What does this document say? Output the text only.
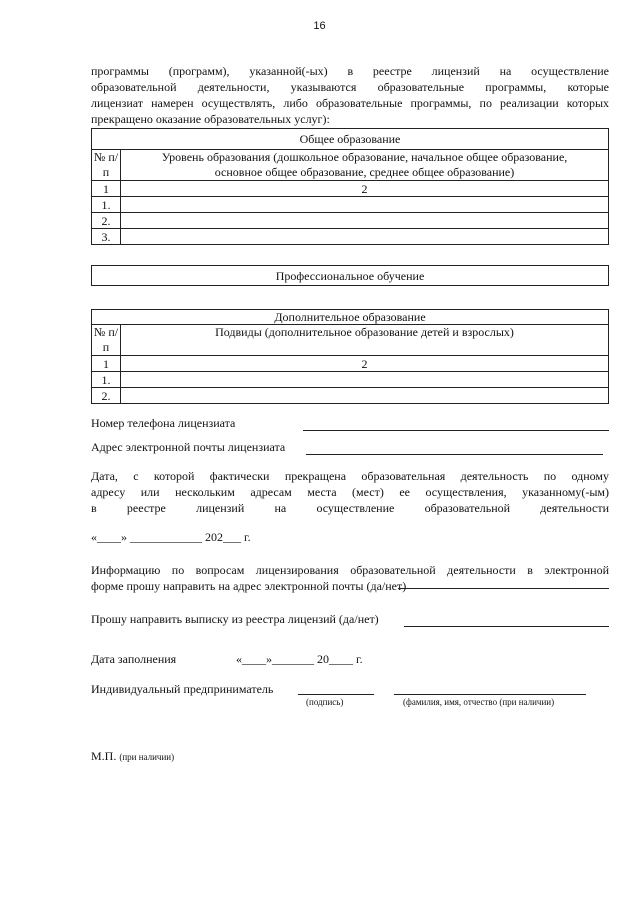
16
программы (программ), указанной(-ых) в реестре лицензий на осуществление
образовательной деятельности, указываются образовательные программы, которые
лицензиат намерен осуществлять, либо образовательные программы, по реализации которых
прекращено оказание образовательных услуг):
Общее образование	
№ п/п	Уровень образования (дошкольное образование, начальное общее образование,
основное общее образование, среднее общее образование)

1	2
1.	
2.	
3.	
Профессиональное обучение
Дополнительное образование	
№ п/п	Подвиды (дополнительное образование детей и взрослых)
1	2
1.	
2.	
Номер телефона лицензиата
Адрес электронной почты лицензиата
Дата, с которой фактически прекращена образовательная деятельность по одному
адресу или нескольким адресам места (мест) ее осуществления, указанному(-ым)
в реестре лицензий на осуществление образовательной деятельности
«____» ____________ 202___ г.
Информацию по вопросам лицензирования образовательной деятельности в электронной
форме прошу направить на адрес электронной почты (да/нет)
Прошу направить выписку из реестра лицензий (да/нет)
Дата заполнения	«____»_______ 20____ г.
Индивидуальный предприниматель
(подпись)	(фамилия, имя, отчество (при наличии)
М.П. (при наличии)
